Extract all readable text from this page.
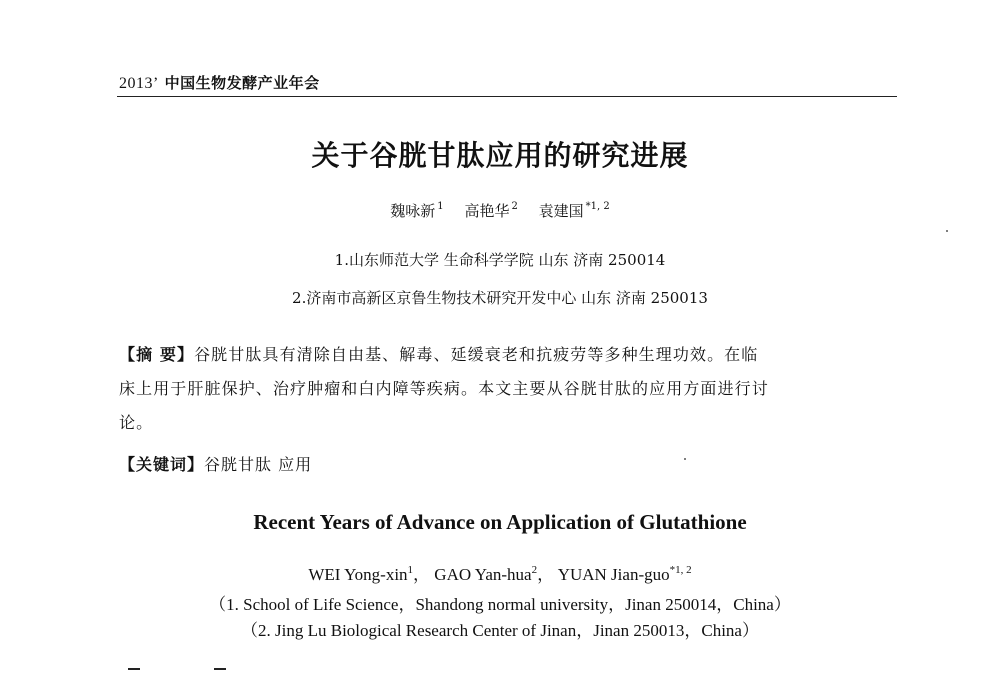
2013’ 中国生物发酵产业年会
关于谷胱甘肽应用的研究进展
魏咏新 $^1$ 高艳华 $^2$ 袁建国 $^{*1, 2}$
1.山东师范大学 生命科学学院 山东 济南 250014
2.济南市高新区京鲁生物技术研究开发中心 山东 济南 250013
【摘 要】谷胱甘肽具有清除自由基、解毒、延缓衰老和抗疲劳等多种生理功效。在临
床上用于肝脏保护、治疗肿瘤和白内障等疾病。本文主要从谷胱甘肽的应用方面进行讨
论。
【关键词】谷胱甘肽 应用
Recent Years of Advance on Application of Glutathione
WEI Yong-xin$^1$， GAO Yan-hua$^2$， YUAN Jian-guo$^{*1, 2}$
（1. School of Life Science，Shandong normal university，Jinan 250014，China）
（2. Jing Lu Biological Research Center of Jinan，Jinan 250013，China）
